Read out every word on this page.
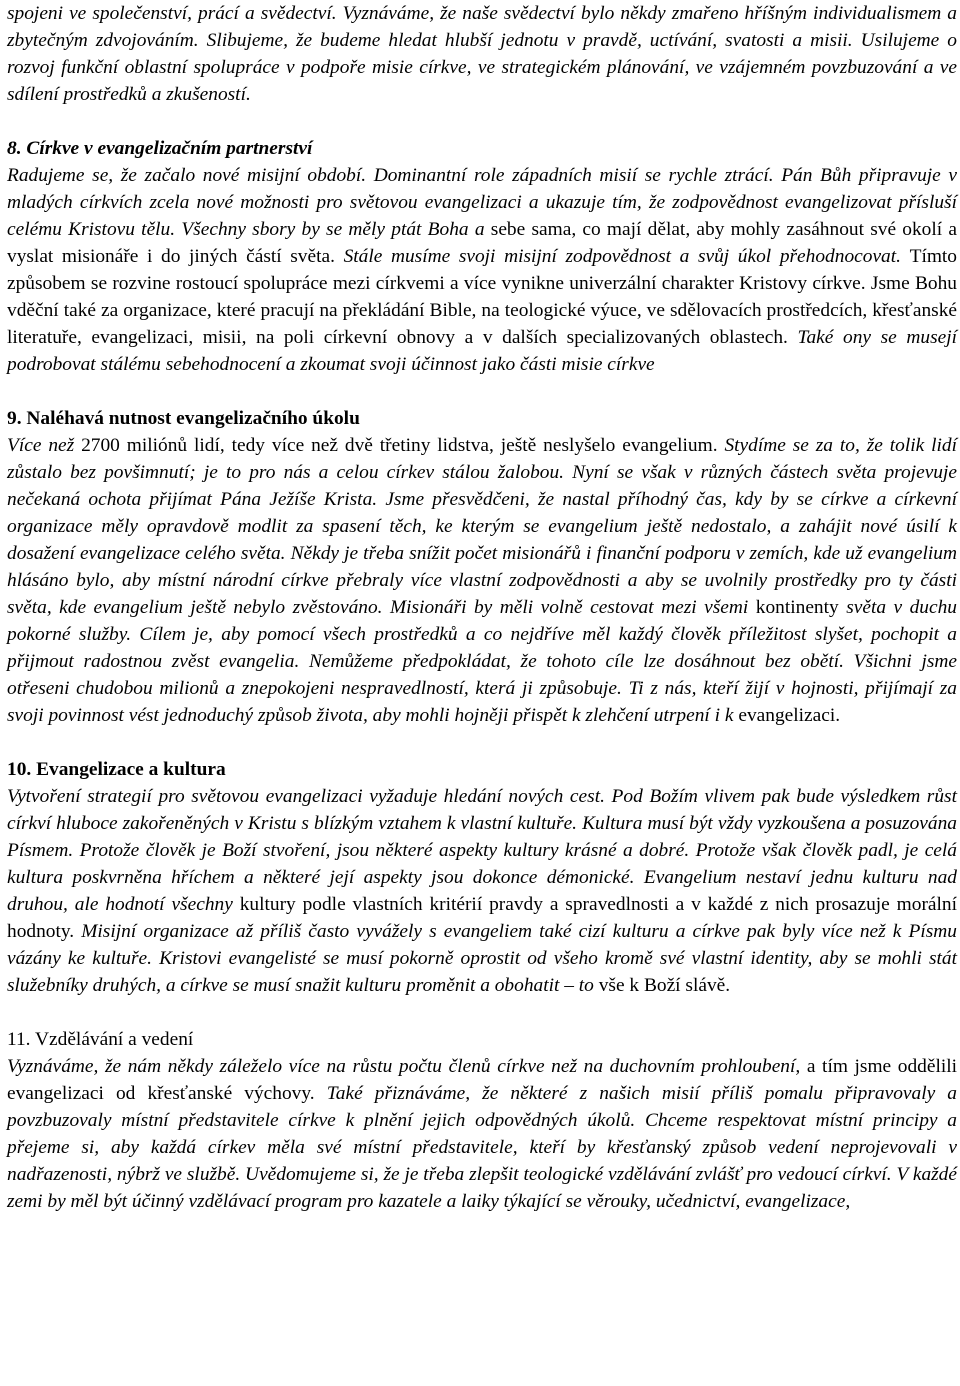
spojeni ve společenství, prácí a svědectví. Vyznáváme, že naše svědectví bylo někdy zmařeno hříšným individualismem a zbytečným zdvojováním. Slibujeme, že budeme hledat hlubší jednotu v pravdě, uctívání, svatosti a misii. Usilujeme o rozvoj funkční oblastní spolupráce v podpoře misie církve, ve strategickém plánování, ve vzájemném povzbuzování a ve sdílení prostředků a zkušeností.

8. Církve v evangelizačním partnerství

Radujeme se, že začalo nové misijní období. Dominantní role západních misií se rychle ztrácí. Pán Bůh připravuje v mladých církvích zcela nové možnosti pro světovou evangelizaci a ukazuje tím, že zodpovědnost evangelizovat přísluší celému Kristovu tělu. Všechny sbory by se měly ptát Boha a sebe sama, co mají dělat, aby mohly zasáhnout své okolí a vyslat misionáře i do jiných částí světa. Stále musíme svoji misijní zodpovědnost a svůj úkol přehodnocovat. Tímto způsobem se rozvine rostoucí spolupráce mezi církvemi a více vynikne univerzální charakter Kristovy církve. Jsme Bohu vděční také za organizace, které pracují na překládání Bible, na teologické výuce, ve sdělovacích prostředcích, křesťanské literatuře, evangelizaci, misii, na poli církevní obnovy a v dalších specializovaných oblastech. Také ony se musejí podrobovat stálému sebehodnocení a zkoumat svoji účinnost jako části misie církve

9. Naléhavá nutnost evangelizačního úkolu

Více než 2700 miliónů lidí, tedy více než dvě třetiny lidstva, ještě neslyšelo evangelium. Stydíme se za to, že tolik lidí zůstalo bez povšimnutí; je to pro nás a celou církev stálou žalobou. Nyní se však v různých částech světa projevuje nečekaná ochota přijímat Pána Ježíše Krista. Jsme přesvědčeni, že nastal příhodný čas, kdy by se církve a církevní organizace měly opravdově modlit za spasení těch, ke kterým se evangelium ještě nedostalo, a zahájit nové úsilí k dosažení evangelizace celého světa. Někdy je třeba snížit počet misionářů i finanční podporu v zemích, kde už evangelium hlásáno bylo, aby místní národní církve přebraly více vlastní zodpovědnosti a aby se uvolnily prostředky pro ty části světa, kde evangelium ještě nebylo zvěstováno. Misionáři by měli volně cestovat mezi všemi kontinenty světa v duchu pokorné služby. Cílem je, aby pomocí všech prostředků a co nejdříve měl každý člověk příležitost slyšet, pochopit a přijmout radostnou zvěst evangelia. Nemůžeme předpokládat, že tohoto cíle lze dosáhnout bez obětí. Všichni jsme otřeseni chudobou milionů a znepokojeni nespravedlností, která ji způsobuje. Ti z nás, kteří žijí v hojnosti, přijímají za svoji povinnost vést jednoduchý způsob života, aby mohli hojněji přispět k zlehčení utrpení i k evangelizaci.

10. Evangelizace a kultura

Vytvoření strategií pro světovou evangelizaci vyžaduje hledání nových cest. Pod Božím vlivem pak bude výsledkem růst církví hluboce zakořeněných v Kristu s blízkým vztahem k vlastní kultuře. Kultura musí být vždy vyzkoušena a posuzována Písmem. Protože člověk je Boží stvoření, jsou některé aspekty kultury krásné a dobré. Protože však člověk padl, je celá kultura poskvrněna hříchem a některé její aspekty jsou dokonce démonické. Evangelium nestaví jednu kulturu nad druhou, ale hodnotí všechny kultury podle vlastních kritérií pravdy a spravedlnosti a v každé z nich prosazuje morální hodnoty. Misijní organizace až příliš často vyvážely s evangeliem také cizí kulturu a církve pak byly více než k Písmu vázány ke kultuře. Kristovi evangelisté se musí pokorně oprostit od všeho kromě své vlastní identity, aby se mohli stát služebníky druhých, a církve se musí snažit kulturu proměnit a obohatit – to vše k Boží slávě.

11. Vzdělávání a vedení

Vyznáváme, že nám někdy záleželo více na růstu počtu členů církve než na duchovním prohloubení, a tím jsme oddělili evangelizaci od křesťanské výchovy. Také přiznáváme, že některé z našich misií příliš pomalu připravovaly a povzbuzovaly místní představitele církve k plnění jejich odpovědných úkolů. Chceme respektovat místní principy a přejeme si, aby každá církev měla své místní představitele, kteří by křesťanský způsob vedení neprojevovali v nadřazenosti, nýbrž ve službě. Uvědomujeme si, že je třeba zlepšit teologické vzdělávání zvlášť pro vedoucí církví. V každé zemi by měl být účinný vzdělávací program pro kazatele a laiky týkající se věrouky, učednictví, evangelizace,
